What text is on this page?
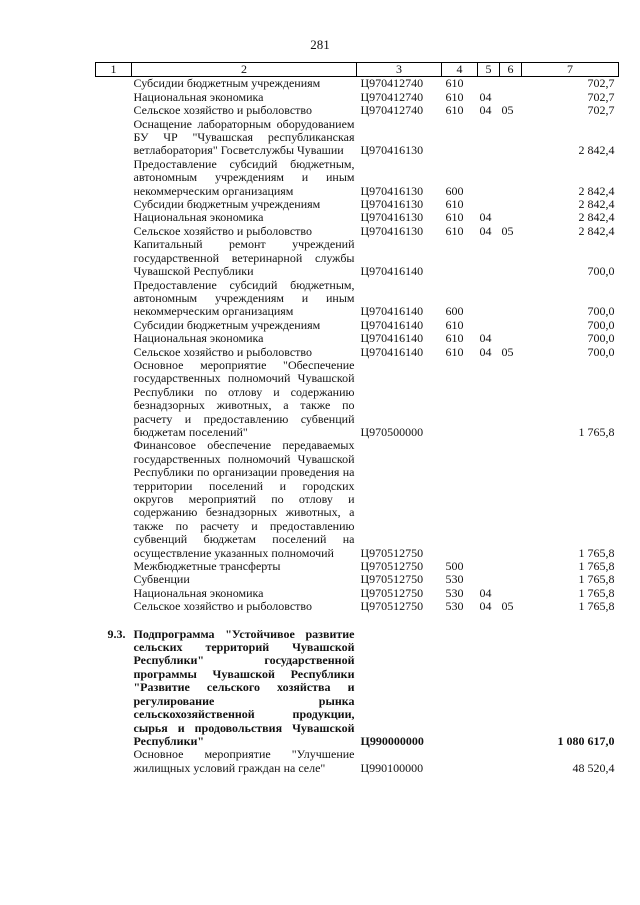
281
1	2	3	4	5	6	7
	Субсидии бюджетным учреждениям	Ц970412740	610			702,7
	Национальная экономика	Ц970412740	610	04		702,7
	Сельское хозяйство и рыболовство	Ц970412740	610	04	05	702,7
	Оснащение лабораторным оборудованием БУ ЧР "Чувашская республиканская ветлаборатория" Госветслужбы Чувашии	Ц970416130				2 842,4
	Предоставление субсидий бюджетным, автономным учреждениям и иным некоммерческим организациям	Ц970416130	600			2 842,4
	Субсидии бюджетным учреждениям	Ц970416130	610			2 842,4
	Национальная экономика	Ц970416130	610	04		2 842,4
	Сельское хозяйство и рыболовство	Ц970416130	610	04	05	2 842,4
	Капитальный ремонт учреждений государственной ветеринарной службы Чувашской Республики	Ц970416140				700,0
	Предоставление субсидий бюджетным, автономным учреждениям и иным некоммерческим организациям	Ц970416140	600			700,0
	Субсидии бюджетным учреждениям	Ц970416140	610			700,0
	Национальная экономика	Ц970416140	610	04		700,0
	Сельское хозяйство и рыболовство	Ц970416140	610	04	05	700,0
	Основное мероприятие "Обеспечение государственных полномочий Чувашской Республики по отлову и содержанию безнадзорных животных, а также по расчету и предоставлению субвенций бюджетам поселений"	Ц970500000				1 765,8
	Финансовое обеспечение передаваемых государственных полномочий Чувашской Республики по организации проведения на территории поселений и городских округов мероприятий по отлову и содержанию безнадзорных животных, а также по расчету и предоставлению субвенций бюджетам поселений на осуществление указанных полномочий	Ц970512750				1 765,8
	Межбюджетные трансферты	Ц970512750	500			1 765,8
	Субвенции	Ц970512750	530			1 765,8
	Национальная экономика	Ц970512750	530	04		1 765,8
	Сельское хозяйство и рыболовство	Ц970512750	530	04	05	1 765,8

9.3.	Подпрограмма "Устойчивое развитие сельских территорий Чувашской Республики" государственной программы Чувашской Республики "Развитие сельского хозяйства и регулирование рынка сельскохозяйственной продукции, сырья и продовольствия Чувашской Республики"	Ц990000000				1 080 617,0
	Основное мероприятие "Улучшение жилищных условий граждан на селе"	Ц990100000				48 520,4
